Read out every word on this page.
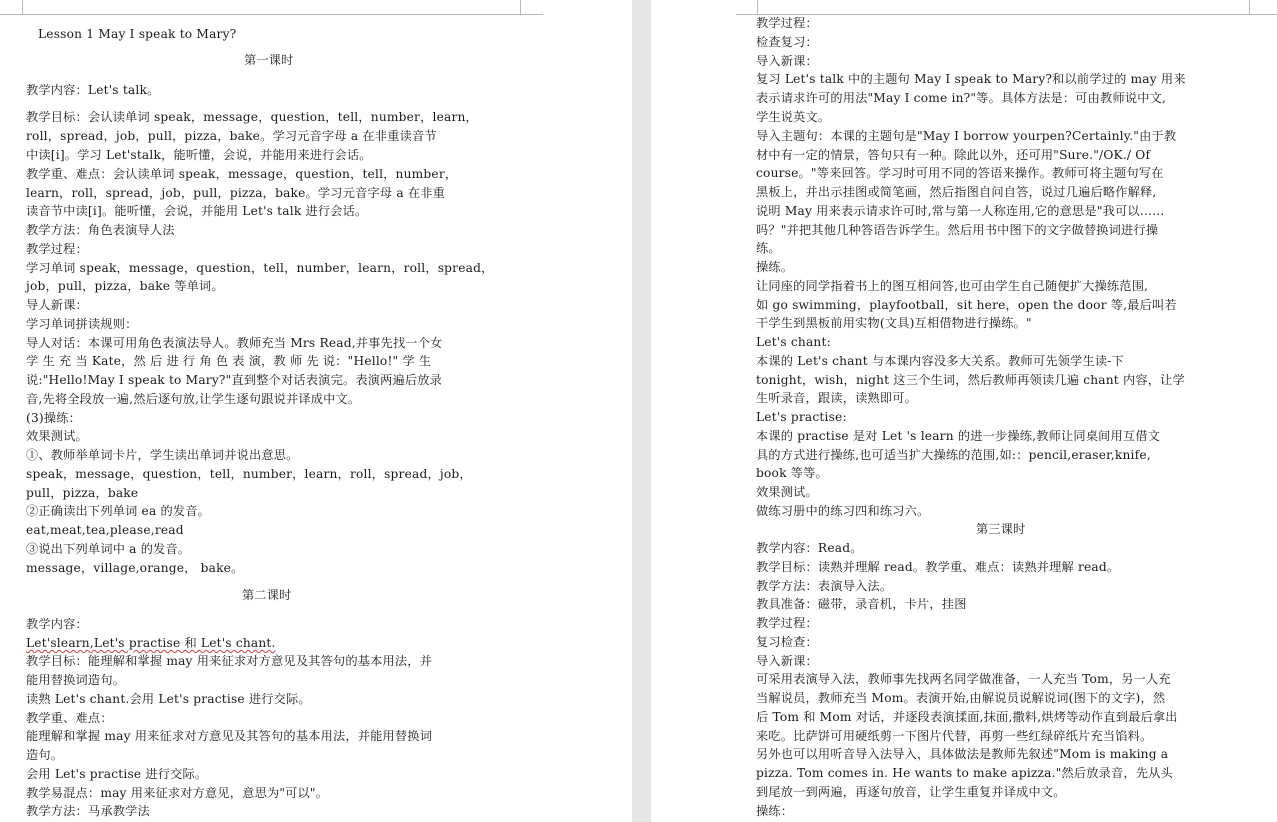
Lesson 1 May I speak to Mary?
第一课时
教学内容：Let's talk。
教学目标：会认读单词 speak，message，question，tell，number，learn，
roll，spread，job，pull，pizza，bake。学习元音字母 a 在非重读音节
中读[i]。学习 Let'stalk，能听懂，会说，并能用来进行会话。
教学重、难点：会认读单词 speak，message，question，tell，number，
learn，roll，spread，job，pull，pizza，bake。学习元音字母 a 在非重
读音节中读[i]。能听懂，会说，并能用 Let's talk 进行会话。
教学方法：角色表演导人法
教学过程：
学习单词 speak，message，question，tell，number，learn，roll，spread，
job，pull，pizza，bake 等单词。
导人新课：
学习单词拼读规则：
导人对话：本课可用角色表演法导人。教师充当 Mrs Read,并事先找一个女
学 生 充 当 Kate，然 后 进 行 角 色 表 演，教 师 先 说："Hello!" 学 生
说:"Hello!May I speak to Mary?"直到整个对话表演完。表演两遍后放录
音,先将全段放一遍,然后逐句放,让学生逐句跟说并译成中文。
(3)操练：
效果测试。
①、教师举单词卡片，学生读出单词并说出意思。
speak，message，question，tell，number，learn，roll，spread，job，
pull，pizza，bake
②正确读出下列单词 ea 的发音。
eat,meat,tea,please,read
③说出下列单词中 a 的发音。
message，village,orange， bake。
第二课时
教学内容：
Let'slearn,Let's practise 和 Let's chant.
教学目标：能理解和掌握 may 用来征求对方意见及其答句的基本用法，并
能用替换词造句。
读熟 Let's chant.会用 Let's practise 进行交际。
教学重、难点：
能理解和掌握 may 用来征求对方意见及其答句的基本用法，并能用替换词
造句。
会用 Let's practise 进行交际。
教学易混点：may 用来征求对方意见，意思为"可以"。
教学方法：马承教学法
教学过程：
检查复习：
导入新课：
复习 Let's talk 中的主题句 May I speak to Mary?和以前学过的 may 用来
表示请求许可的用法"May I come in?"等。具体方法是：可由教师说中文,
学生说英文。
导入主题句：本课的主题句是"May I borrow yourpen?Certainly."由于教
材中有一定的情景，答句只有一种。除此以外，还可用"Sure."/OK./ Of
course。"等来回答。学习时可用不同的答语来操作。教师可将主题句写在
黑板上，并出示挂图或简笔画，然后指图自问自答，说过几遍后略作解释,
说明 May 用来表示请求许可时,常与第一人称连用,它的意思是"我可以……
吗？"并把其他几种答语告诉学生。然后用书中图下的文字做替换词进行操
练。
操练。
让同座的同学指着书上的图互相问答,也可由学生自己随便扩大操练范围,
如 go swimming，playfootball，sit here，open the door 等,最后叫若
干学生到黑板前用实物(文具)互相借物进行操练。"
Let's chant:
本课的 Let's chant 与本课内容没多大关系。教师可先领学生读-下
tonight，wish，night 这三个生词，然后教师再领读几遍 chant 内容，让学
生听录音，跟读，读熟即可。
Let's practise:
本课的 practise 是对 Let 's learn 的进一步操练,教师让同桌间用互借文
具的方式进行操练,也可适当扩大操练的范围,如:：pencil,eraser,knife,
book 等等。
效果测试。
做练习册中的练习四和练习六。
第三课时
教学内容：Read。
教学目标：读熟并理解 read。教学重、难点：读熟并理解 read。
教学方法：表演导入法。
教具准备：磁带，录音机，卡片，挂图
教学过程：
复习检查：
导入新课：
可采用表演导入法，教师事先找两名同学做准备，一人充当 Tom，另一人充
当解说员，教师充当 Mom。表演开始,由解说员说解说词(图下的文字)，然
后 Tom 和 Mom 对话，并逐段表演揉面,抹面,撒料,烘烤等动作直到最后拿出
来吃。比萨饼可用硬纸剪一下图片代替，再剪一些红绿碎纸片充当馅料。
另外也可以用听音导入法导入，具体做法是教师先叙述"Mom is making a
pizza. Tom comes in. He wants to make apizza."然后放录音，先从头
到尾放一到两遍，再逐句放音，让学生重复并译成中文。
操练：
